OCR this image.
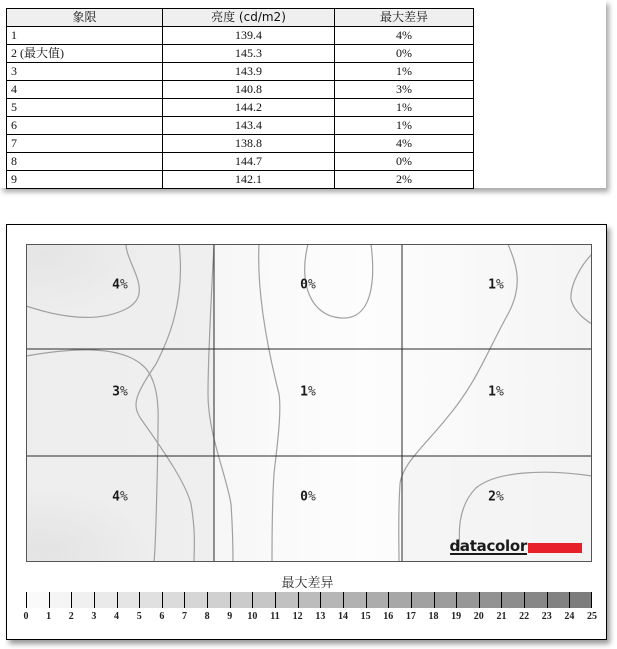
象限	亮度 (cd/m2)	最大差异
1	139.4	4%
2 (最大值)	145.3	0%
3	143.9	1%
4	140.8	3%
5	144.2	1%
6	143.4	1%
7	138.8	4%
8	144.7	0%
9	142.1	2%
4%	0%	1%
3%	1%	1%
4%	0%	2%
datacolor
最大差异
0 1 2 3 4 5 6 7 8 9 10 11 12 13 14 15 16 17 18 19 20 21 22 23 24 25
